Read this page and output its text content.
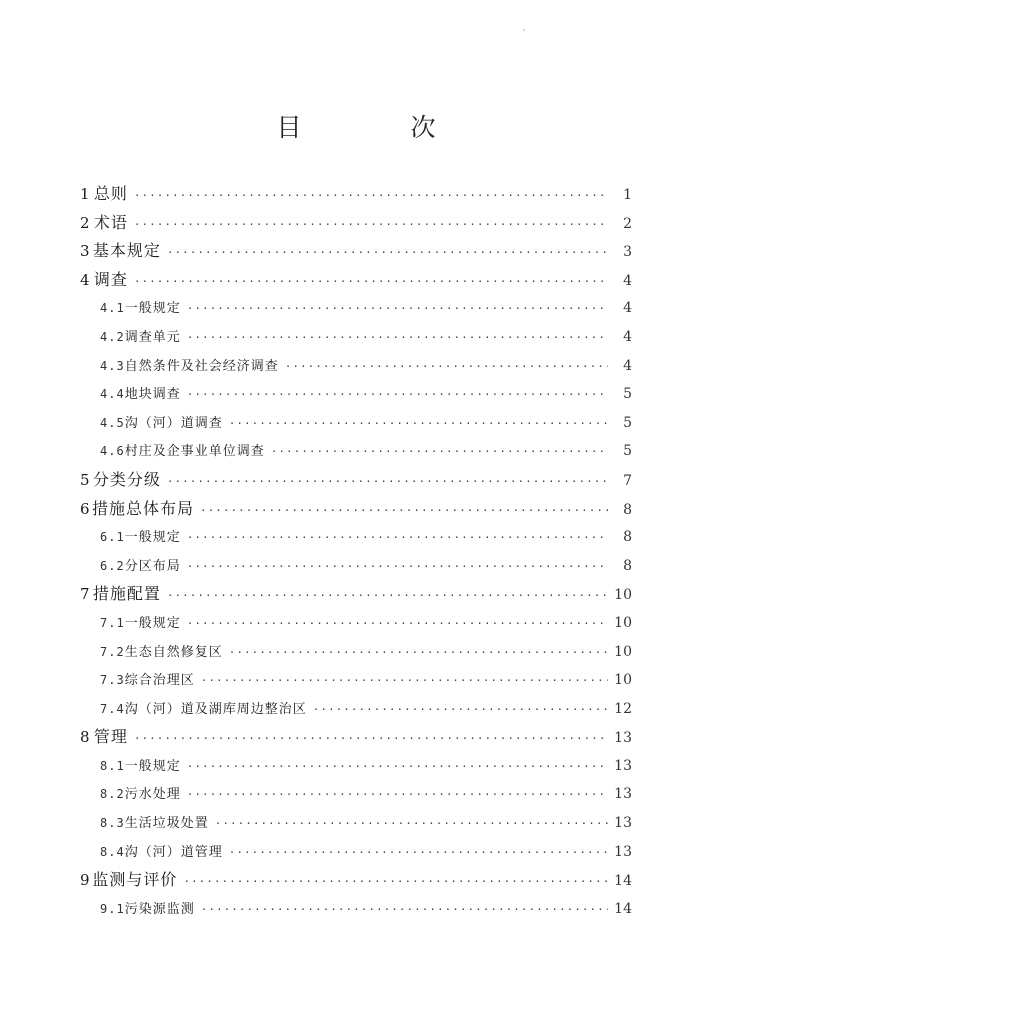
目　次
1 总则 ·····	1
2 术语 ·····	2
3 基本规定 ·····	3
4 调查 ·····	4
4.1 一般规定 ·····	4
4.2 调查单元 ·····	4
4.3 自然条件及社会经济调查 ·····	4
4.4 地块调查 ·····	5
4.5 沟（河）道调查 ·····	5
4.6 村庄及企事业单位调查 ·····	5
5 分类分级 ·····	7
6 措施总体布局 ·····	8
6.1 一般规定 ·····	8
6.2 分区布局 ·····	8
7 措施配置 ·····	10
7.1 一般规定 ·····	10
7.2 生态自然修复区 ·····	10
7.3 综合治理区 ·····	10
7.4 沟（河）道及湖库周边整治区 ·····	12
8 管理 ·····	13
8.1 一般规定 ·····	13
8.2 污水处理 ·····	13
8.3 生活垃圾处置 ·····	13
8.4 沟（河）道管理 ·····	13
9 监测与评价 ·····	14
9.1 污染源监测 ·····	14
